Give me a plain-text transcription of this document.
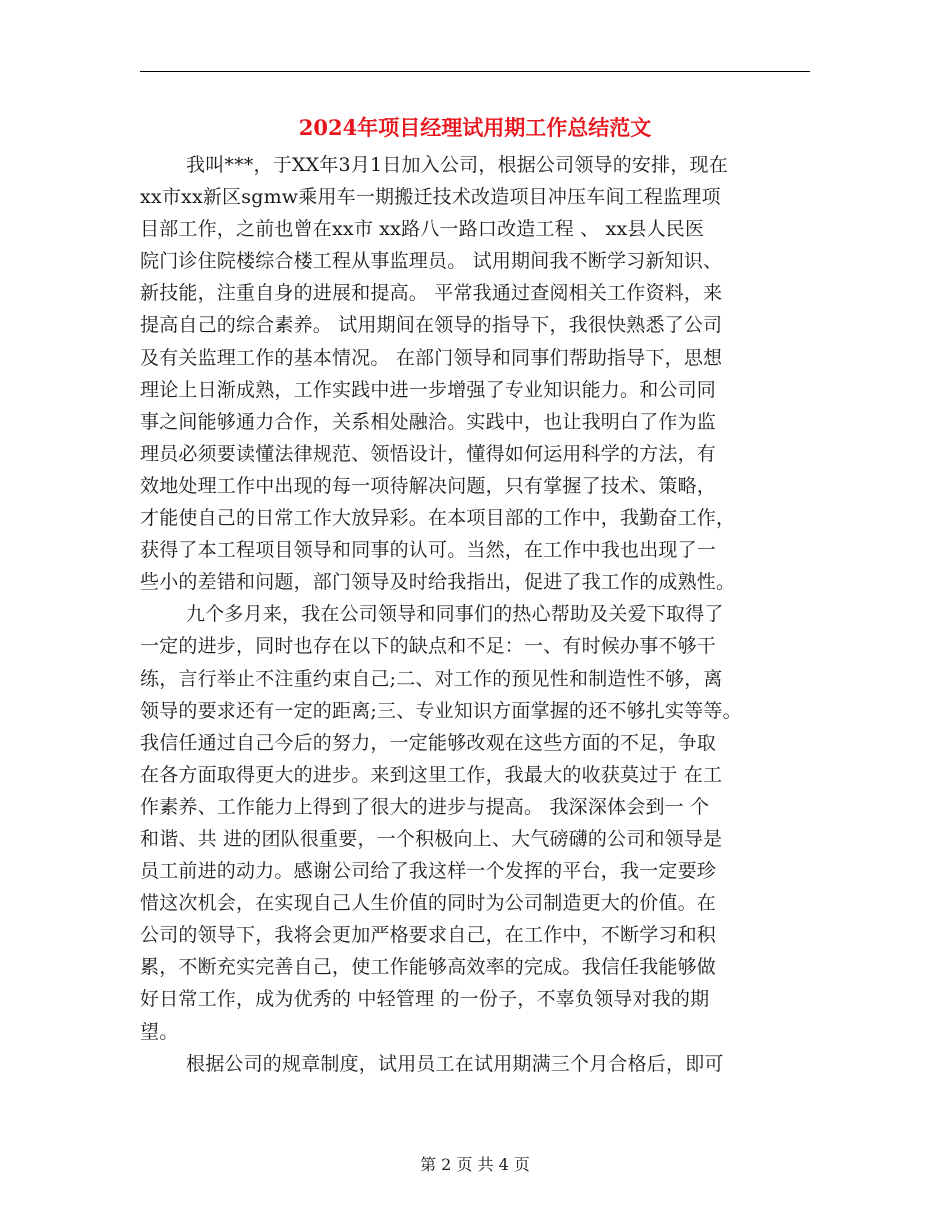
2024年项目经理试用期工作总结范文
我叫***，于XX年3月1日加入公司，根据公司领导的安排，现在
xx市xx新区sgmw乘用车一期搬迁技术改造项目冲压车间工程监理项
目部工作，之前也曾在xx市 xx路八一路口改造工程 、 xx县人民医
院门诊住院楼综合楼工程从事监理员。 试用期间我不断学习新知识、
新技能，注重自身的进展和提高。 平常我通过查阅相关工作资料，来
提高自己的综合素养。 试用期间在领导的指导下，我很快熟悉了公司
及有关监理工作的基本情况。 在部门领导和同事们帮助指导下，思想
理论上日渐成熟，工作实践中进一步增强了专业知识能力。和公司同
事之间能够通力合作，关系相处融洽。实践中，也让我明白了作为监
理员必须要读懂法律规范、领悟设计，懂得如何运用科学的方法，有
效地处理工作中出现的每一项待解决问题，只有掌握了技术、策略，
才能使自己的日常工作大放异彩。在本项目部的工作中，我勤奋工作，
获得了本工程项目领导和同事的认可。当然，在工作中我也出现了一
些小的差错和问题，部门领导及时给我指出，促进了我工作的成熟性。
九个多月来，我在公司领导和同事们的热心帮助及关爱下取得了
一定的进步，同时也存在以下的缺点和不足：一、有时候办事不够干
练，言行举止不注重约束自己;二、对工作的预见性和制造性不够，离
领导的要求还有一定的距离;三、专业知识方面掌握的还不够扎实等等。
我信任通过自己今后的努力，一定能够改观在这些方面的不足，争取
在各方面取得更大的进步。来到这里工作，我最大的收获莫过于 在工
作素养、工作能力上得到了很大的进步与提高。 我深深体会到一 个
和谐、共 进的团队很重要，一个积极向上、大气磅礴的公司和领导是
员工前进的动力。感谢公司给了我这样一个发挥的平台，我一定要珍
惜这次机会，在实现自己人生价值的同时为公司制造更大的价值。在
公司的领导下，我将会更加严格要求自己，在工作中，不断学习和积
累，不断充实完善自己，使工作能够高效率的完成。我信任我能够做
好日常工作，成为优秀的 中轻管理 的一份子，不辜负领导对我的期
望。
根据公司的规章制度，试用员工在试用期满三个月合格后，即可
第 2 页 共 4 页
